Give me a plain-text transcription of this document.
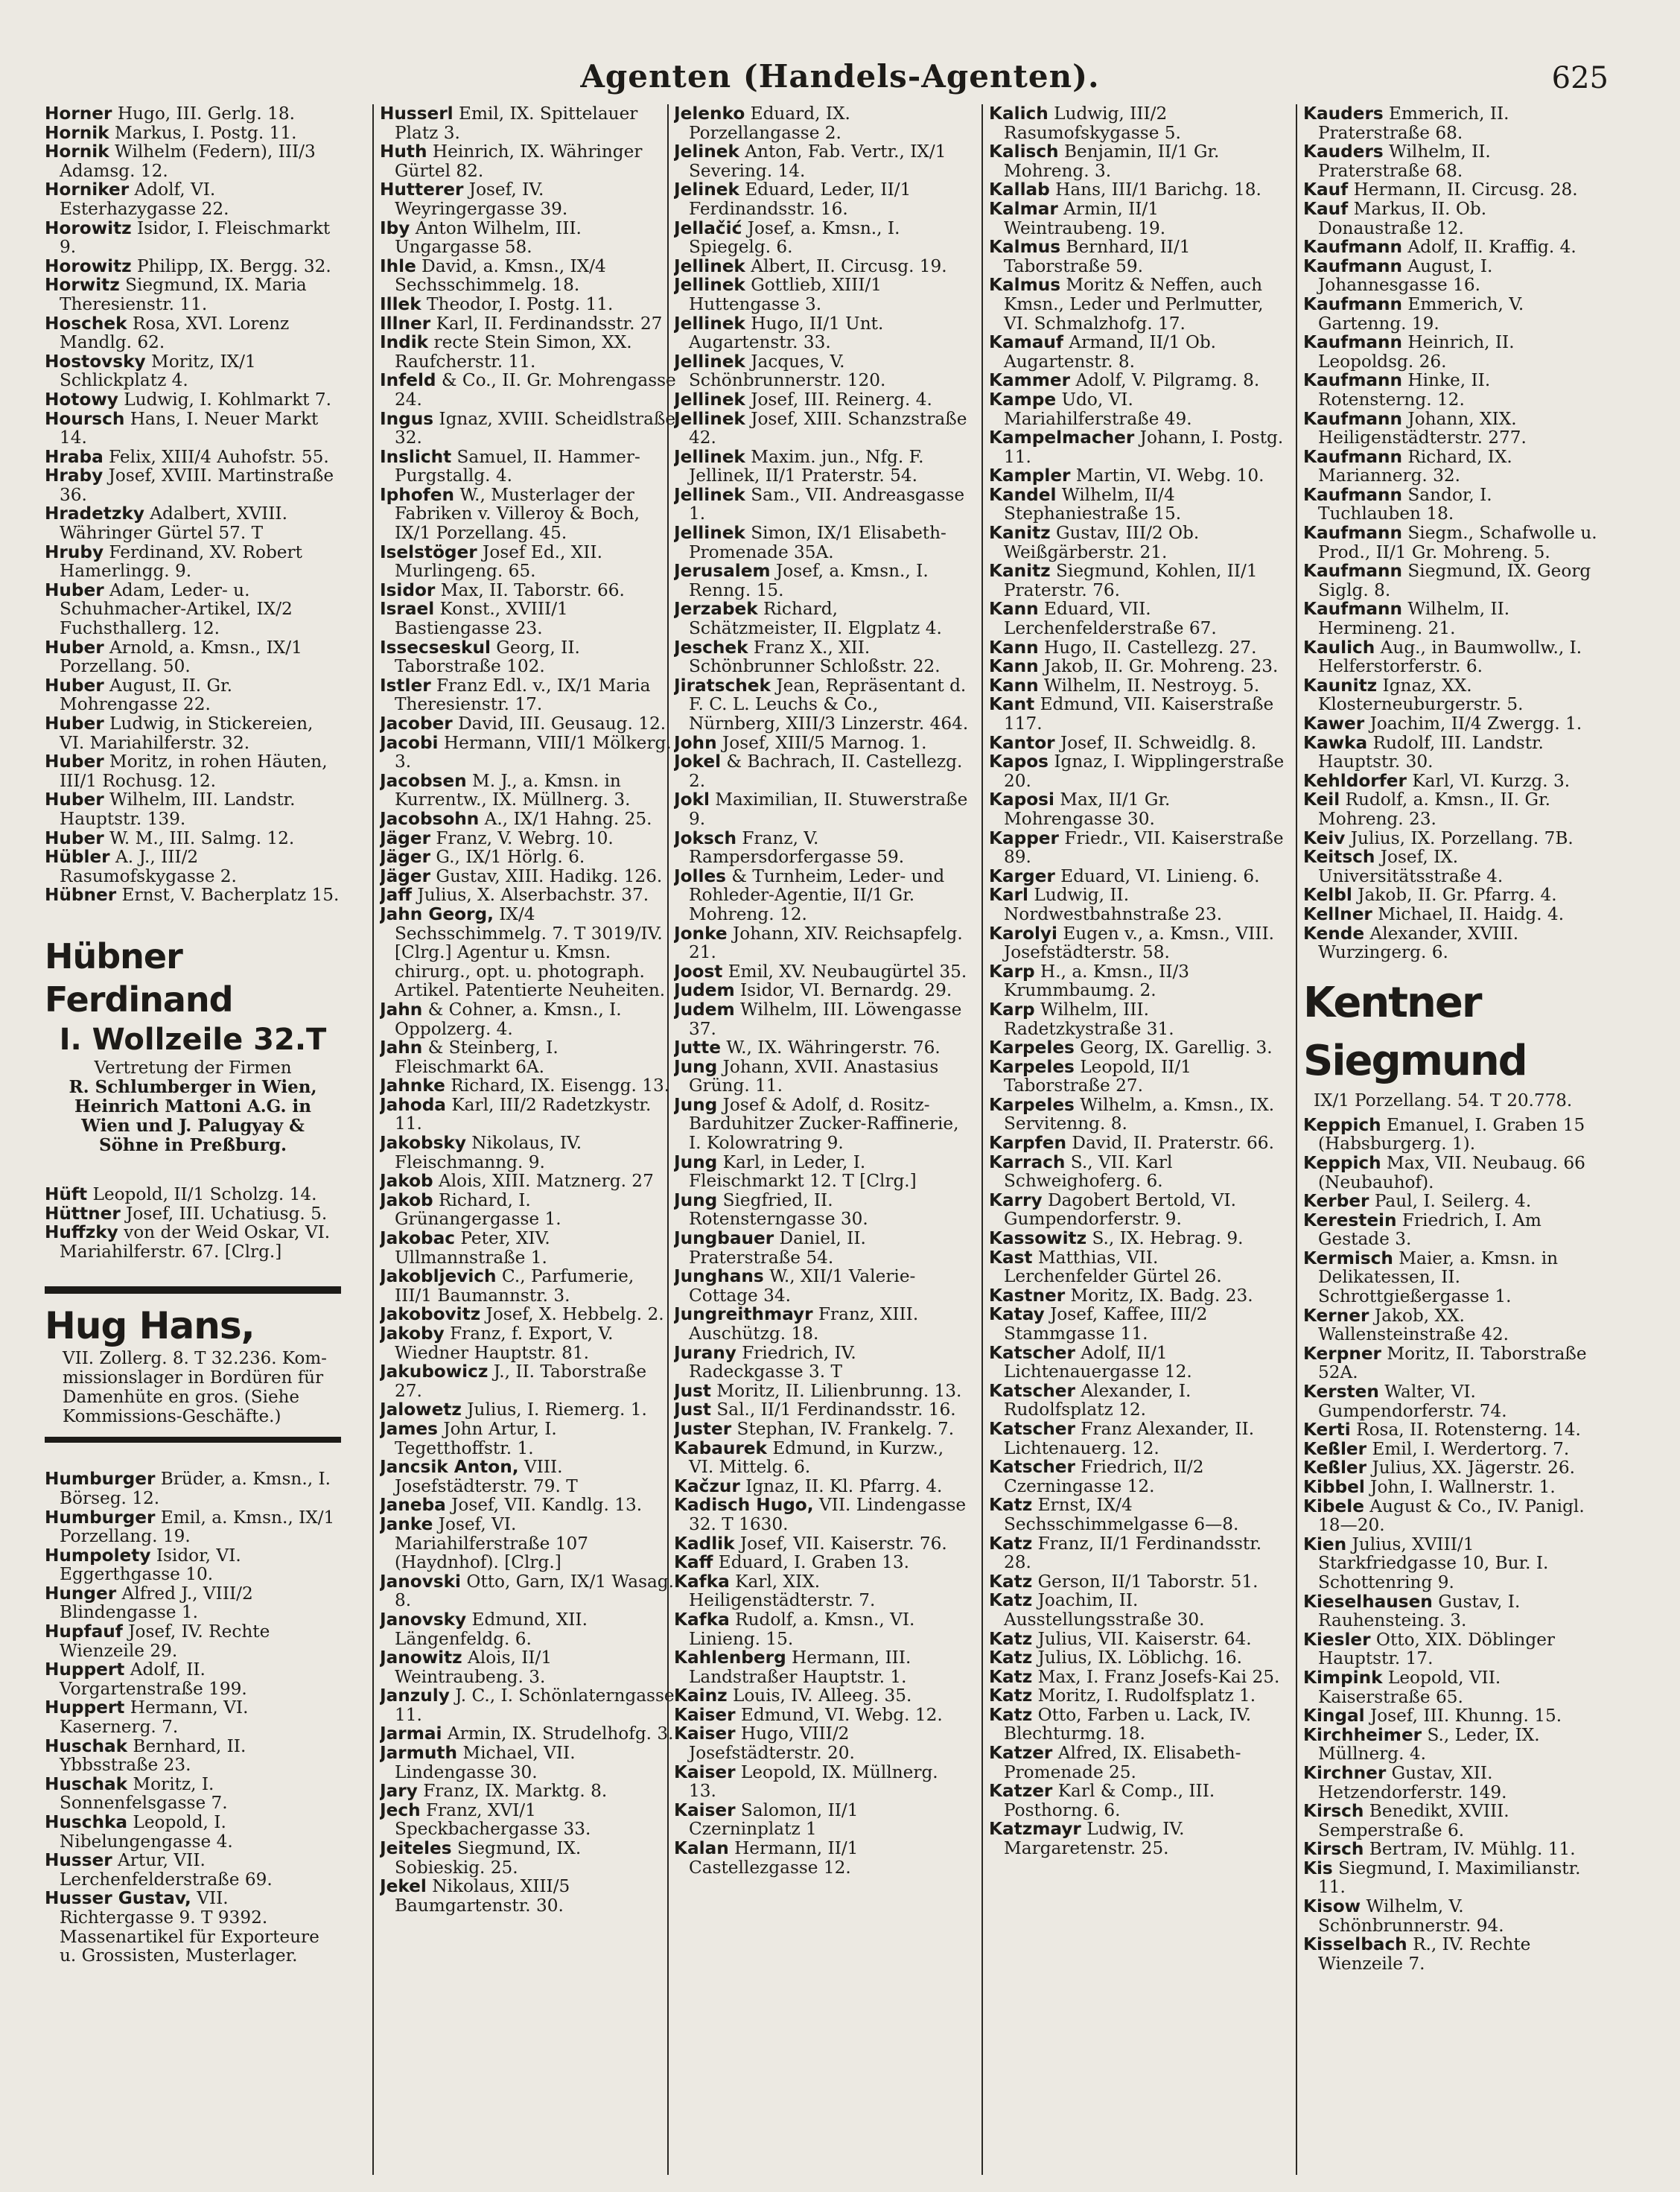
Agenten (Handels-Agenten).	625
Horner Hugo, III. Gerlg. 18.
Hornik Markus, I. Postg. 11.
Hornik Wilhelm (Federn), III/3 Adamsg. 12.
Horniker Adolf, VI. Esterhazygasse 22.
Horowitz Isidor, I. Fleischmarkt 9.
Horowitz Philipp, IX. Bergg. 32.
Horwitz Siegmund, IX. Maria Theresienstr. 11.
Hoschek Rosa, XVI. Lorenz Mandlg. 62.
Hostovsky Moritz, IX/1 Schlickplatz 4.
Hotowy Ludwig, I. Kohlmarkt 7.
Hoursch Hans, I. Neuer Markt 14.
Hraba Felix, XIII/4 Auhofstr. 55.
Hraby Josef, XVIII. Martinstraße 36.
Hradetzky Adalbert, XVIII. Währinger Gürtel 57. T
Hruby Ferdinand, XV. Robert Hamerlingg. 9.
Huber Adam, Leder- u. Schuhmacher-Artikel, IX/2 Fuchsthallerg. 12.
Huber Arnold, a. Kmsn., IX/1 Porzellang. 50.
Huber August, II. Gr. Mohrengasse 22.
Huber Ludwig, in Stickereien, VI. Mariahilferstr. 32.
Huber Moritz, in rohen Häuten, III/1 Rochusg. 12.
Huber Wilhelm, III. Landstr. Hauptstr. 139.
Huber W. M., III. Salmg. 12.
Hübler A. J., III/2 Rasumofskygasse 2.
Hübner Ernst, V. Bacherplatz 15.
Hübner Ferdinand
I. Wollzeile 32.T
Vertretung der Firmen
R. Schlumberger in Wien,
Heinrich Mattoni A.G. in
Wien und J. Palugyay &
Söhne in Preßburg.
Hüft Leopold, II/1 Scholzg. 14.
Hüttner Josef, III. Uchatiusg. 5.
Huffzky von der Weid Oskar, VI. Mariahilferstr. 67. [Clrg.]
Hug Hans,
VII. Zollerg. 8. T 32.236. Kom-
missionslager in Bordüren für
Damenhüte en gros. (Siehe
Kommissions-Geschäfte.)
Humburger Brüder, a. Kmsn., I. Börseg. 12.
Humburger Emil, a. Kmsn., IX/1 Porzellang. 19.
Humpolety Isidor, VI. Eggerthgasse 10.
Hunger Alfred J., VIII/2 Blindengasse 1.
Hupfauf Josef, IV. Rechte Wienzeile 29.
Huppert Adolf, II. Vorgartenstraße 199.
Huppert Hermann, VI. Kasernerg. 7.
Huschak Bernhard, II. Ybbsstraße 23.
Huschak Moritz, I. Sonnenfelsgasse 7.
Huschka Leopold, I. Nibelungengasse 4.
Husser Artur, VII. Lerchenfelderstraße 69.
Husser Gustav, VII. Richtergasse 9. T 9392. Massenartikel für Exporteure u. Grossisten, Musterlager.
Husserl Emil, IX. Spittelauer Platz 3.
Huth Heinrich, IX. Währinger Gürtel 82.
Hutterer Josef, IV. Weyringergasse 39.
Iby Anton Wilhelm, III. Ungargasse 58.
Ihle David, a. Kmsn., IX/4 Sechsschimmelg. 18.
Illek Theodor, I. Postg. 11.
Illner Karl, II. Ferdinandsstr. 27
Indik recte Stein Simon, XX. Raufcherstr. 11.
Infeld & Co., II. Gr. Mohrengasse 24.
Ingus Ignaz, XVIII. Scheidlstraße 32.
Inslicht Samuel, II. Hammer-Purgstallg. 4.
Iphofen W., Musterlager der Fabriken v. Villeroy & Boch, IX/1 Porzellang. 45.
Iselstöger Josef Ed., XII. Murlingeng. 65.
Isidor Max, II. Taborstr. 66.
Israel Konst., XVIII/1 Bastiengasse 23.
Issecseskul Georg, II. Taborstraße 102.
Istler Franz Edl. v., IX/1 Maria Theresienstr. 17.
Jacober David, III. Geusaug. 12.
Jacobi Hermann, VIII/1 Mölkerg. 3.
Jacobsen M. J., a. Kmsn. in Kurrentw., IX. Müllnerg. 3.
Jacobsohn A., IX/1 Hahng. 25.
Jäger Franz, V. Webrg. 10.
Jäger G., IX/1 Hörlg. 6.
Jäger Gustav, XIII. Hadikg. 126.
Jaff Julius, X. Alserbachstr. 37.
Jahn Georg, IX/4 Sechsschimmelg. 7. T 3019/IV. [Clrg.] Agentur u. Kmsn. chirurg., opt. u. photograph. Artikel. Patentierte Neuheiten.
Jahn & Cohner, a. Kmsn., I. Oppolzerg. 4.
Jahn & Steinberg, I. Fleischmarkt 6A.
Jahnke Richard, IX. Eisengg. 13.
Jahoda Karl, III/2 Radetzkystr. 11.
Jakobsky Nikolaus, IV. Fleischmanng. 9.
Jakob Alois, XIII. Matznerg. 27
Jakob Richard, I. Grünangergasse 1.
Jakobac Peter, XIV. Ullmannstraße 1.
Jakobljevich C., Parfumerie, III/1 Baumannstr. 3.
Jakobovitz Josef, X. Hebbelg. 2.
Jakoby Franz, f. Export, V. Wiedner Hauptstr. 81.
Jakubowicz J., II. Taborstraße 27.
Jalowetz Julius, I. Riemerg. 1.
James John Artur, I. Tegetthoffstr. 1.
Jancsik Anton, VIII. Josefstädterstr. 79. T
Janeba Josef, VII. Kandlg. 13.
Janke Josef, VI. Mariahilferstraße 107 (Haydnhof). [Clrg.]
Janovski Otto, Garn, IX/1 Wasag. 8.
Janovsky Edmund, XII. Längenfeldg. 6.
Janowitz Alois, II/1 Weintraubeng. 3.
Janzuly J. C., I. Schönlaterngasse 11.
Jarmai Armin, IX. Strudelhofg. 3.
Jarmuth Michael, VII. Lindengasse 30.
Jary Franz, IX. Marktg. 8.
Jech Franz, XVI/1 Speckbachergasse 33.
Jeiteles Siegmund, IX. Sobieskig. 25.
Jekel Nikolaus, XIII/5 Baumgartenstr. 30.
Jelenko Eduard, IX. Porzellangasse 2.
Jelinek Anton, Fab. Vertr., IX/1 Severing. 14.
Jelinek Eduard, Leder, II/1 Ferdinandsstr. 16.
Jellačić Josef, a. Kmsn., I. Spiegelg. 6.
Jellinek Albert, II. Circusg. 19.
Jellinek Gottlieb, XIII/1 Huttengasse 3.
Jellinek Hugo, II/1 Unt. Augartenstr. 33.
Jellinek Jacques, V. Schönbrunnerstr. 120.
Jellinek Josef, III. Reinerg. 4.
Jellinek Josef, XIII. Schanzstraße 42.
Jellinek Maxim. jun., Nfg. F. Jellinek, II/1 Praterstr. 54.
Jellinek Sam., VII. Andreasgasse 1.
Jellinek Simon, IX/1 Elisabeth-Promenade 35A.
Jerusalem Josef, a. Kmsn., I. Renng. 15.
Jerzabek Richard, Schätzmeister, II. Elgplatz 4.
Jeschek Franz X., XII. Schönbrunner Schloßstr. 22.
Jiratschek Jean, Repräsentant d. F. C. L. Leuchs & Co., Nürnberg, XIII/3 Linzerstr. 464.
John Josef, XIII/5 Marnog. 1.
Jokel & Bachrach, II. Castellezg. 2.
Jokl Maximilian, II. Stuwerstraße 9.
Joksch Franz, V. Rampersdorfergasse 59.
Jolles & Turnheim, Leder- und Rohleder-Agentie, II/1 Gr. Mohreng. 12.
Jonke Johann, XIV. Reichsapfelg. 21.
Joost Emil, XV. Neubaugürtel 35.
Judem Isidor, VI. Bernardg. 29.
Judem Wilhelm, III. Löwengasse 37.
Jutte W., IX. Währingerstr. 76.
Jung Johann, XVII. Anastasius Grüng. 11.
Jung Josef & Adolf, d. Rositz-Barduhitzer Zucker-Raffinerie, I. Kolowratring 9.
Jung Karl, in Leder, I. Fleischmarkt 12. T [Clrg.]
Jung Siegfried, II. Rotensterngasse 30.
Jungbauer Daniel, II. Praterstraße 54.
Junghans W., XII/1 Valerie-Cottage 34.
Jungreithmayr Franz, XIII. Auschützg. 18.
Jurany Friedrich, IV. Radeckgasse 3. T
Just Moritz, II. Lilienbrunng. 13.
Just Sal., II/1 Ferdinandsstr. 16.
Juster Stephan, IV. Frankelg. 7.
Kabaurek Edmund, in Kurzw., VI. Mittelg. 6.
Kačzur Ignaz, II. Kl. Pfarrg. 4.
Kadisch Hugo, VII. Lindengasse 32. T 1630.
Kadlik Josef, VII. Kaiserstr. 76.
Kaff Eduard, I. Graben 13.
Kafka Karl, XIX. Heiligenstädterstr. 7.
Kafka Rudolf, a. Kmsn., VI. Linieng. 15.
Kahlenberg Hermann, III. Landstraßer Hauptstr. 1.
Kainz Louis, IV. Alleeg. 35.
Kaiser Edmund, VI. Webg. 12.
Kaiser Hugo, VIII/2 Josefstädterstr. 20.
Kaiser Leopold, IX. Müllnerg. 13.
Kaiser Salomon, II/1 Czerninplatz 1
Kalan Hermann, II/1 Castellezgasse 12.
Kalich Ludwig, III/2 Rasumofskygasse 5.
Kalisch Benjamin, II/1 Gr. Mohreng. 3.
Kallab Hans, III/1 Barichg. 18.
Kalmar Armin, II/1 Weintraubeng. 19.
Kalmus Bernhard, II/1 Taborstraße 59.
Kalmus Moritz & Neffen, auch Kmsn., Leder und Perlmutter, VI. Schmalzhofg. 17.
Kamauf Armand, II/1 Ob. Augartenstr. 8.
Kammer Adolf, V. Pilgramg. 8.
Kampe Udo, VI. Mariahilferstraße 49.
Kampelmacher Johann, I. Postg. 11.
Kampler Martin, VI. Webg. 10.
Kandel Wilhelm, II/4 Stephaniestraße 15.
Kanitz Gustav, III/2 Ob. Weißgärberstr. 21.
Kanitz Siegmund, Kohlen, II/1 Praterstr. 76.
Kann Eduard, VII. Lerchenfelderstraße 67.
Kann Hugo, II. Castellezg. 27.
Kann Jakob, II. Gr. Mohreng. 23.
Kann Wilhelm, II. Nestroyg. 5.
Kant Edmund, VII. Kaiserstraße 117.
Kantor Josef, II. Schweidlg. 8.
Kapos Ignaz, I. Wipplingerstraße 20.
Kaposi Max, II/1 Gr. Mohrengasse 30.
Kapper Friedr., VII. Kaiserstraße 89.
Karger Eduard, VI. Linieng. 6.
Karl Ludwig, II. Nordwestbahnstraße 23.
Karolyi Eugen v., a. Kmsn., VIII. Josefstädterstr. 58.
Karp H., a. Kmsn., II/3 Krummbaumg. 2.
Karp Wilhelm, III. Radetzkystraße 31.
Karpeles Georg, IX. Garellig. 3.
Karpeles Leopold, II/1 Taborstraße 27.
Karpeles Wilhelm, a. Kmsn., IX. Servitenng. 8.
Karpfen David, II. Praterstr. 66.
Karrach S., VII. Karl Schweighoferg. 6.
Karry Dagobert Bertold, VI. Gumpendorferstr. 9.
Kassowitz S., IX. Hebrag. 9.
Kast Matthias, VII. Lerchenfelder Gürtel 26.
Kastner Moritz, IX. Badg. 23.
Katay Josef, Kaffee, III/2 Stammgasse 11.
Katscher Adolf, II/1 Lichtenauergasse 12.
Katscher Alexander, I. Rudolfsplatz 12.
Katscher Franz Alexander, II. Lichtenauerg. 12.
Katscher Friedrich, II/2 Czerningasse 12.
Katz Ernst, IX/4 Sechsschimmelgasse 6—8.
Katz Franz, II/1 Ferdinandsstr. 28.
Katz Gerson, II/1 Taborstr. 51.
Katz Joachim, II. Ausstellungsstraße 30.
Katz Julius, VII. Kaiserstr. 64.
Katz Julius, IX. Löblichg. 16.
Katz Max, I. Franz Josefs-Kai 25.
Katz Moritz, I. Rudolfsplatz 1.
Katz Otto, Farben u. Lack, IV. Blechturmg. 18.
Katzer Alfred, IX. Elisabeth-Promenade 25.
Katzer Karl & Comp., III. Posthorng. 6.
Katzmayr Ludwig, IV. Margaretenstr. 25.
Kauders Emmerich, II. Praterstraße 68.
Kauders Wilhelm, II. Praterstraße 68.
Kauf Hermann, II. Circusg. 28.
Kauf Markus, II. Ob. Donaustraße 12.
Kaufmann Adolf, II. Kraffig. 4.
Kaufmann August, I. Johannesgasse 16.
Kaufmann Emmerich, V. Gartenng. 19.
Kaufmann Heinrich, II. Leopoldsg. 26.
Kaufmann Hinke, II. Rotensterng. 12.
Kaufmann Johann, XIX. Heiligenstädterstr. 277.
Kaufmann Richard, IX. Mariannerg. 32.
Kaufmann Sandor, I. Tuchlauben 18.
Kaufmann Siegm., Schafwolle u. Prod., II/1 Gr. Mohreng. 5.
Kaufmann Siegmund, IX. Georg Siglg. 8.
Kaufmann Wilhelm, II. Hermineng. 21.
Kaulich Aug., in Baumwollw., I. Helferstorferstr. 6.
Kaunitz Ignaz, XX. Klosterneuburgerstr. 5.
Kawer Joachim, II/4 Zwergg. 1.
Kawka Rudolf, III. Landstr. Hauptstr. 30.
Kehldorfer Karl, VI. Kurzg. 3.
Keil Rudolf, a. Kmsn., II. Gr. Mohreng. 23.
Keiv Julius, IX. Porzellang. 7B.
Keitsch Josef, IX. Universitätsstraße 4.
Kelbl Jakob, II. Gr. Pfarrg. 4.
Kellner Michael, II. Haidg. 4.
Kende Alexander, XVIII. Wurzingerg. 6.
Kentner Siegmund
IX/1 Porzellang. 54. T 20.778.
Keppich Emanuel, I. Graben 15 (Habsburgerg. 1).
Keppich Max, VII. Neubaug. 66 (Neubauhof).
Kerber Paul, I. Seilerg. 4.
Kerestein Friedrich, I. Am Gestade 3.
Kermisch Maier, a. Kmsn. in Delikatessen, II. Schrottgießergasse 1.
Kerner Jakob, XX. Wallensteinstraße 42.
Kerpner Moritz, II. Taborstraße 52A.
Kersten Walter, VI. Gumpendorferstr. 74.
Kerti Rosa, II. Rotensterng. 14.
Keßler Emil, I. Werdertorg. 7.
Keßler Julius, XX. Jägerstr. 26.
Kibbel John, I. Wallnerstr. 1.
Kibele August & Co., IV. Panigl. 18—20.
Kien Julius, XVIII/1 Starkfriedgasse 10, Bur. I. Schottenring 9.
Kieselhausen Gustav, I. Rauhensteing. 3.
Kiesler Otto, XIX. Döblinger Hauptstr. 17.
Kimpink Leopold, VII. Kaiserstraße 65.
Kingal Josef, III. Khunng. 15.
Kirchheimer S., Leder, IX. Müllnerg. 4.
Kirchner Gustav, XII. Hetzendorferstr. 149.
Kirsch Benedikt, XVIII. Semperstraße 6.
Kirsch Bertram, IV. Mühlg. 11.
Kis Siegmund, I. Maximilianstr. 11.
Kisow Wilhelm, V. Schönbrunnerstr. 94.
Kisselbach R., IV. Rechte Wienzeile 7.
